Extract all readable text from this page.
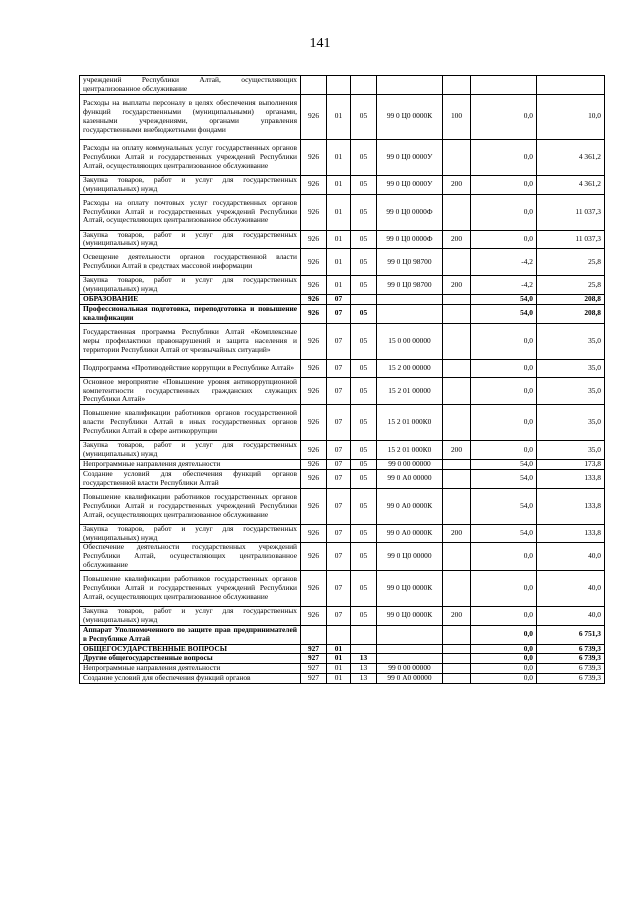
141
учреждений Республики Алтай, осуществляющих централизованное обслуживание							
Расходы на выплаты персоналу в целях обеспечения выполнения функций государственными (муниципальными) органами, казенными учреждениями, органами управления государственными внебюджетными фондами	926	01	05	99 0 Ц0 0000К	100	0,0	10,0
Расходы на оплату коммунальных услуг государственных органов Республики Алтай и государственных учреждений Республики Алтай, осуществляющих централизованное обслуживание	926	01	05	99 0 Ц0 0000У		0,0	4 361,2
Закупка товаров, работ и услуг для государственных (муниципальных) нужд	926	01	05	99 0 Ц0 0000У	200	0,0	4 361,2
Расходы на оплату почтовых услуг государственных органов Республики Алтай и государственных учреждений Республики Алтай, осуществляющих централизованное обслуживание	926	01	05	99 0 Ц0 0000Ф		0,0	11 037,3
Закупка товаров, работ и услуг для государственных (муниципальных) нужд	926	01	05	99 0 Ц0 0000Ф	200	0,0	11 037,3
Освещение деятельности органов государственной власти Республики Алтай в средствах массовой информации	926	01	05	99 0 Ц0 98700		-4,2	25,8
Закупка товаров, работ и услуг для государственных (муниципальных) нужд	926	01	05	99 0 Ц0 98700	200	-4,2	25,8
ОБРАЗОВАНИЕ	926	07				54,0	208,8
Профессиональная подготовка, переподготовка и повышение квалификации	926	07	05			54,0	208,8
Государственная программа Республики Алтай «Комплексные меры профилактики правонарушений и защита населения и территории Республики Алтай от чрезвычайных ситуаций»	926	07	05	15 0 00 00000		0,0	35,0
Подпрограмма «Противодействие коррупции в Республике Алтай»	926	07	05	15 2 00 00000		0,0	35,0
Основное мероприятие «Повышение уровня антикоррупционной компетентности государственных гражданских служащих Республики Алтай»	926	07	05	15 2 01 00000		0,0	35,0
Повышение квалификации работников органов государственной власти Республики Алтай в иных государственных органов Республики Алтай в сфере антикоррупции	926	07	05	15 2 01 000К0		0,0	35,0
Закупка товаров, работ и услуг для государственных (муниципальных) нужд	926	07	05	15 2 01 000К0	200	0,0	35,0
Непрограммные направления деятельности	926	07	05	99 0 00 00000		54,0	173,8
Создание условий для обеспечения функций органов государственной власти Республики Алтай	926	07	05	99 0 А0 00000		54,0	133,8
Повышение квалификации работников государственных органов Республики Алтай и государственных учреждений Республики Алтай, осуществляющих централизованное обслуживание	926	07	05	99 0 А0 0000К		54,0	133,8
Закупка товаров, работ и услуг для государственных (муниципальных) нужд	926	07	05	99 0 А0 0000К	200	54,0	133,8
Обеспечение деятельности государственных учреждений Республики Алтай, осуществляющих централизованное обслуживание	926	07	05	99 0 Ц0 00000		0,0	40,0
Повышение квалификации работников государственных органов Республики Алтай и государственных учреждений Республики Алтай, осуществляющих централизованное обслуживание	926	07	05	99 0 Ц0 0000К		0,0	40,0
Закупка товаров, работ и услуг для государственных (муниципальных) нужд	926	07	05	99 0 Ц0 0000К	200	0,0	40,0
Аппарат Уполномоченного по защите прав предпринимателей в Республике Алтай						0,0	6 751,3
ОБЩЕГОСУДАРСТВЕННЫЕ ВОПРОСЫ	927	01				0,0	6 739,3
Другие общегосударственные вопросы	927	01	13			0,0	6 739,3
Непрограммные направления деятельности	927	01	13	99 0 00 00000		0,0	6 739,3
Создание условий для обеспечения функций органов	927	01	13	99 0 А0 00000		0,0	6 739,3
